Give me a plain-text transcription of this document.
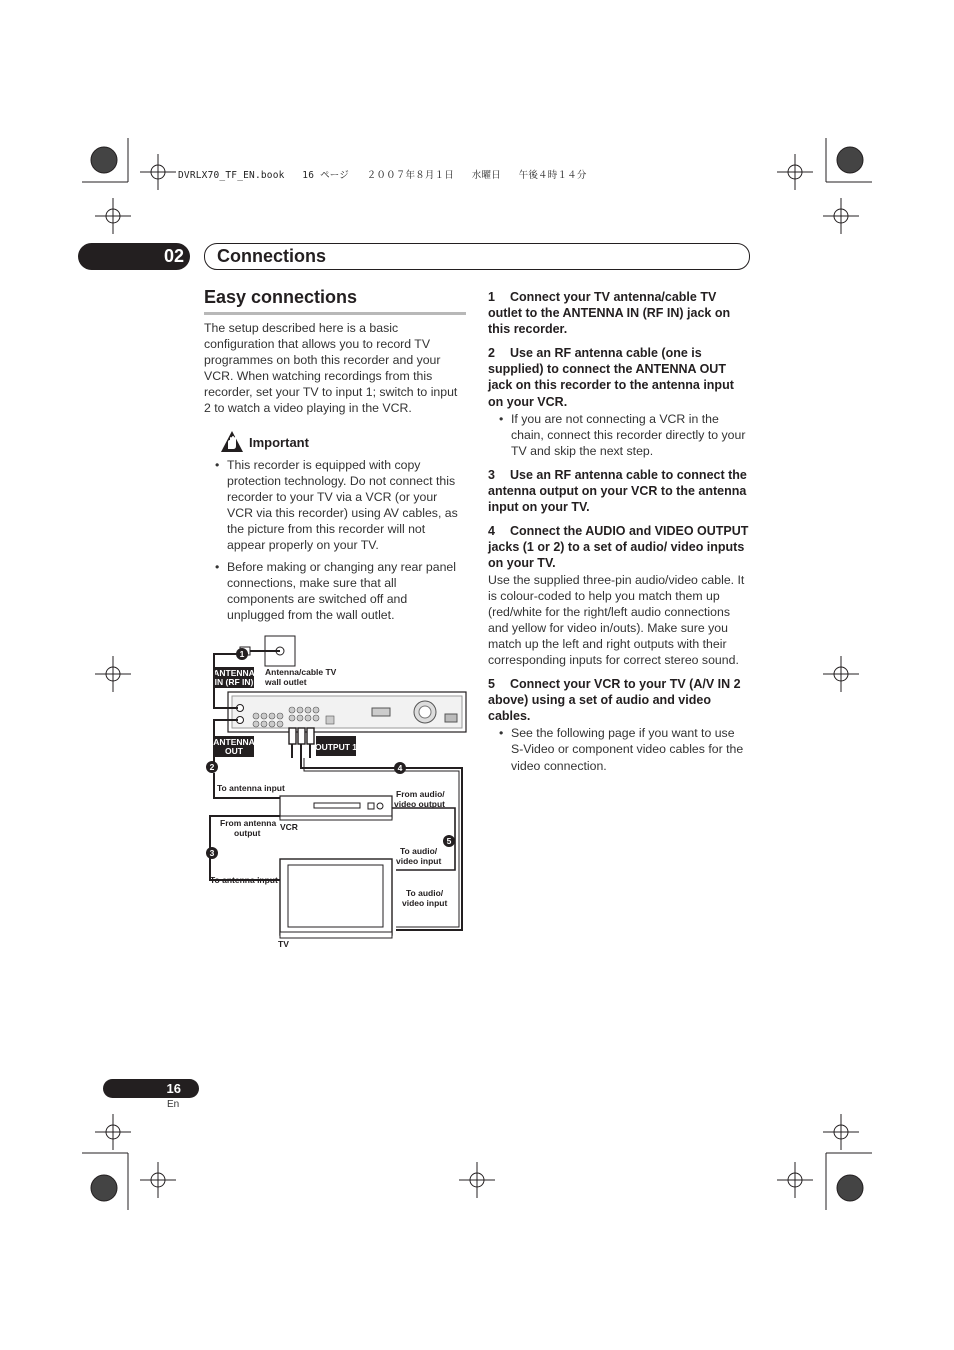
DVRLX70_TF_EN.book   16 ページ   ２００７年８月１日   水曜日   午後４時１４分
02 Connections
Easy connections
The setup described here is a basic configuration that allows you to record TV programmes on both this recorder and your VCR. When watching recordings from this recorder, set your TV to input 1; switch to input 2 to watch a video playing in the VCR.
Important
• This recorder is equipped with copy protection technology. Do not connect this recorder to your TV via a VCR (or your VCR via this recorder) using AV cables, as the picture from this recorder will not appear properly on your TV.
• Before making or changing any rear panel connections, make sure that all components are switched off and unplugged from the wall outlet.
1
ANTENNA
IN (RF IN)
Antenna/cable TV
wall outlet
ANTENNA
OUT	OUTPUT 1
2	4
To antenna input
VCR
From audio/
video output
From antenna
output
3
To antenna input
5
To audio/
video input
To audio/
video input
TV
1 Connect your TV antenna/cable TV outlet to the ANTENNA IN (RF IN) jack on this recorder.
2 Use an RF antenna cable (one is supplied) to connect the ANTENNA OUT jack on this recorder to the antenna input on your VCR.
• If you are not connecting a VCR in the chain, connect this recorder directly to your TV and skip the next step.
3 Use an RF antenna cable to connect the antenna output on your VCR to the antenna input on your TV.
4 Connect the AUDIO and VIDEO OUTPUT jacks (1 or 2) to a set of audio/ video inputs on your TV.
Use the supplied three-pin audio/video cable. It is colour-coded to help you match them up (red/white for the right/left audio connections and yellow for video in/outs). Make sure you match up the left and right outputs with their corresponding inputs for correct stereo sound.
5 Connect your VCR to your TV (A/V IN 2 above) using a set of audio and video cables.
• See the following page if you want to use S-Video or component video cables for the video connection.
16
En
